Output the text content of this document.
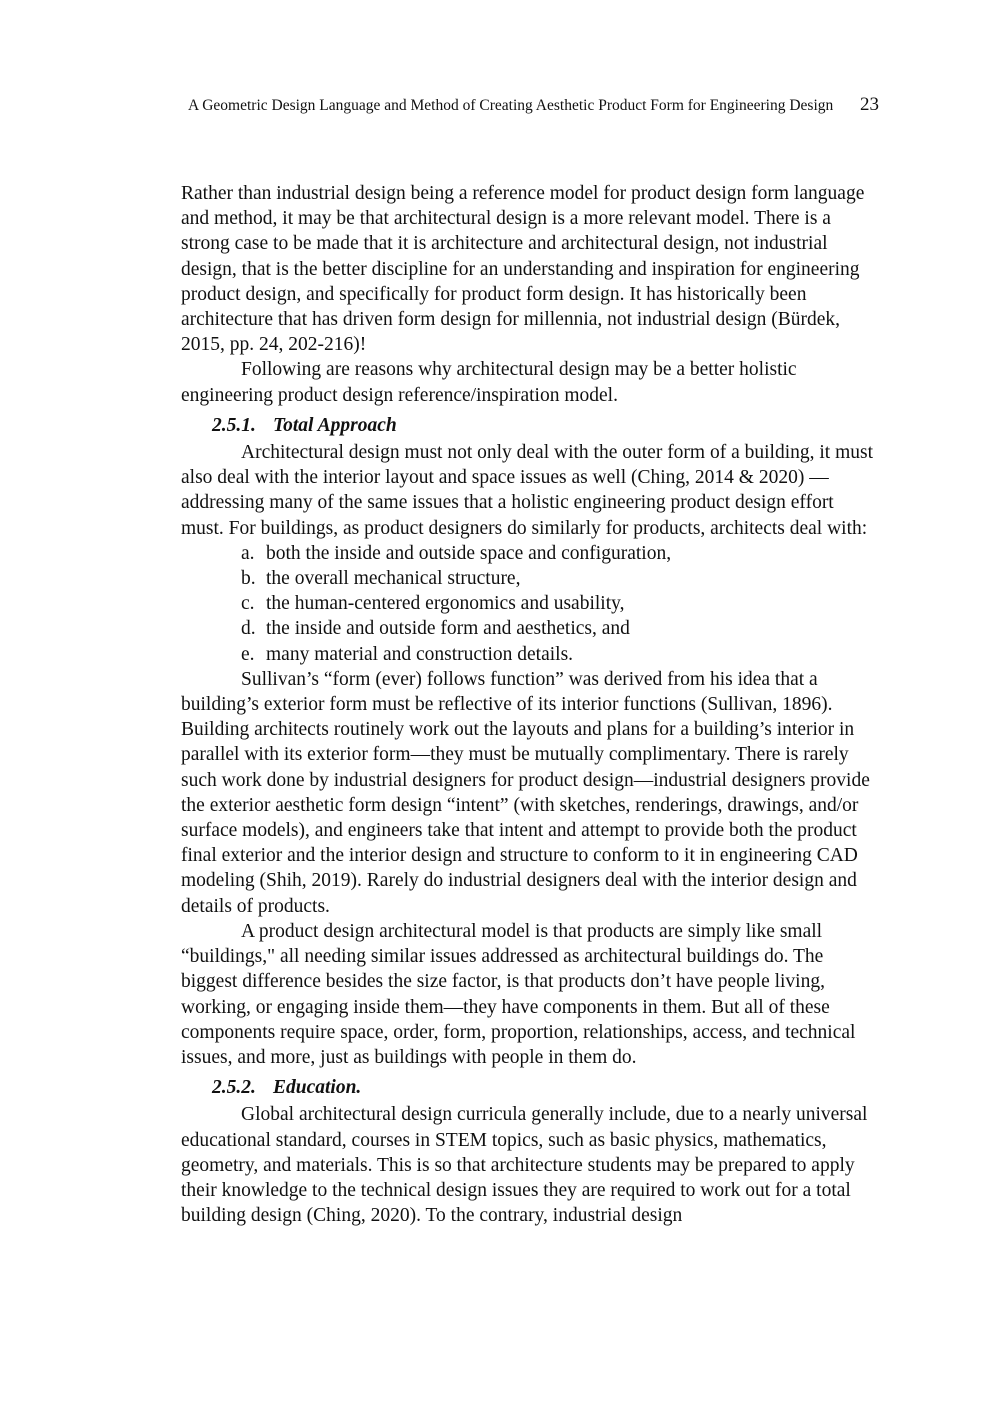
A Geometric Design Language and Method of Creating Aesthetic Product Form for Engineering Design 23

Rather than industrial design being a reference model for product design form language and method, it may be that architectural design is a more relevant model. There is a strong case to be made that it is architecture and architectural design, not industrial design, that is the better discipline for an understanding and inspiration for engineering product design, and specifically for product form design. It has historically been architecture that has driven form design for millennia, not industrial design (Bürdek, 2015, pp. 24, 202-216)!

Following are reasons why architectural design may be a better holistic engineering product design reference/inspiration model.

2.5.1. Total Approach

Architectural design must not only deal with the outer form of a building, it must also deal with the interior layout and space issues as well (Ching, 2014 & 2020) —addressing many of the same issues that a holistic engineering product design effort must. For buildings, as product designers do similarly for products, architects deal with:

a. both the inside and outside space and configuration,
b. the overall mechanical structure,
c. the human-centered ergonomics and usability,
d. the inside and outside form and aesthetics, and
e. many material and construction details.

Sullivan’s “form (ever) follows function” was derived from his idea that a building’s exterior form must be reflective of its interior functions (Sullivan, 1896). Building architects routinely work out the layouts and plans for a building’s interior in parallel with its exterior form—they must be mutually complimentary. There is rarely such work done by industrial designers for product design—industrial designers provide the exterior aesthetic form design “intent” (with sketches, renderings, drawings, and/or surface models), and engineers take that intent and attempt to provide both the product final exterior and the interior design and structure to conform to it in engineering CAD modeling (Shih, 2019). Rarely do industrial designers deal with the interior design and details of products.

A product design architectural model is that products are simply like small “buildings," all needing similar issues addressed as architectural buildings do. The biggest difference besides the size factor, is that products don’t have people living, working, or engaging inside them—they have components in them. But all of these components require space, order, form, proportion, relationships, access, and technical issues, and more, just as buildings with people in them do.

2.5.2. Education.

Global architectural design curricula generally include, due to a nearly universal educational standard, courses in STEM topics, such as basic physics, mathematics, geometry, and materials. This is so that architecture students may be prepared to apply their knowledge to the technical design issues they are required to work out for a total building design (Ching, 2020). To the contrary, industrial design
